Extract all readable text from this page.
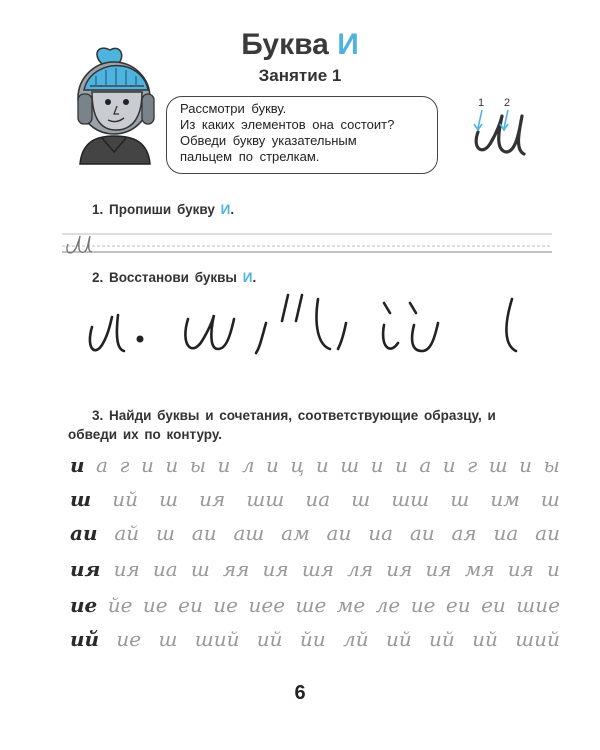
Буква И
Занятие 1
Рассмотри букву.
Из каких элементов она состоит?
Обведи букву указательным
пальцем по стрелкам.
1 2
1. Пропиши букву И.
2. Восстанови буквы И.
3. Найди буквы и сочетания, соответствующие образцу, и
обведи их по контуру.
и а г и и ы и л и ц и ш и и а и г ш и ы
ш ий ш ия шш иа ш шш ш им ш
аи ай ш аи аш ам аи иа аи ая иа аи
ия ия иа ш яя ия шя ля ия ия мя ия и
ие йе ие еи ие иее ше ме ле ие еи еи шие
ий ие ш ший ий йи лй ий ий ий ший
6
